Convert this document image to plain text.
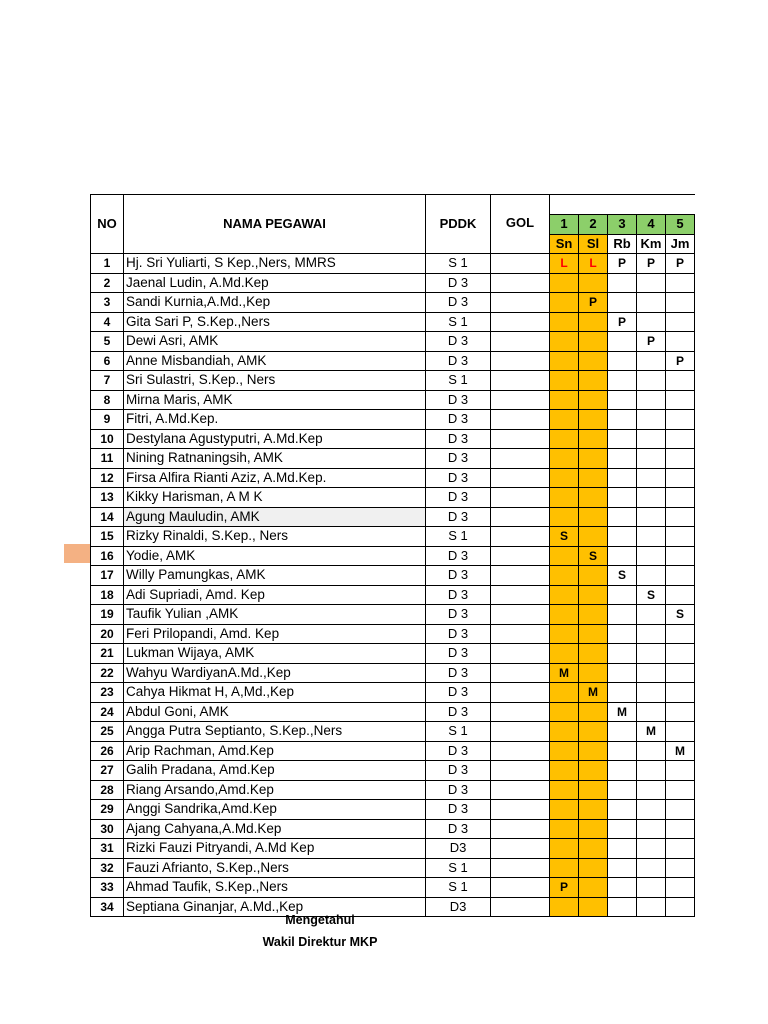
NO	NAMA PEGAWAI	PDDK	GOL					
				1	2	3	4	5
				Sn	Sl	Rb	Km	Jm
1	Hj. Sri Yuliarti, S Kep.,Ners, MMRS	S 1		L	L	P	P	P
2	Jaenal Ludin, A.Md.Kep	D 3						
3	Sandi Kurnia,A.Md.,Kep	D 3			P			
4	Gita Sari P, S.Kep.,Ners	S 1				P		
5	Dewi Asri, AMK	D 3					P	
6	Anne Misbandiah, AMK	D 3						P
7	Sri Sulastri, S.Kep., Ners	S 1						
8	Mirna Maris, AMK	D 3						
9	Fitri, A.Md.Kep.	D 3						
10	Destylana Agustyputri, A.Md.Kep	D 3						
11	Nining Ratnaningsih, AMK	D 3						
12	Firsa Alfira Rianti Aziz, A.Md.Kep.	D 3						
13	Kikky Harisman, A M K	D 3						
14	Agung Mauludin, AMK	D 3						
15	Rizky Rinaldi, S.Kep., Ners	S 1		S				
16	Yodie, AMK	D 3			S			
17	Willy Pamungkas, AMK	D 3				S		
18	Adi Supriadi, Amd. Kep	D 3					S	
19	Taufik Yulian ,AMK	D 3						S
20	Feri Prilopandi, Amd. Kep	D 3						
21	Lukman Wijaya, AMK	D 3						
22	Wahyu WardiyanA.Md.,Kep	D 3		M				
23	Cahya Hikmat H, A,Md.,Kep	D 3			M			
24	Abdul Goni, AMK	D 3				M		
25	Angga Putra Septianto, S.Kep.,Ners	S 1					M	
26	Arip Rachman, Amd.Kep	D 3						M
27	Galih Pradana, Amd.Kep	D 3						
28	Riang Arsando,Amd.Kep	D 3						
29	Anggi Sandrika,Amd.Kep	D 3						
30	Ajang Cahyana,A.Md.Kep	D 3						
31	Rizki Fauzi Pitryandi, A.Md Kep	D3						
32	Fauzi Afrianto, S.Kep.,Ners	S 1						
33	Ahmad Taufik, S.Kep.,Ners	S 1		P				
34	Septiana Ginanjar, A.Md.,Kep	D3						
Mengetahui
Wakil Direktur MKP
